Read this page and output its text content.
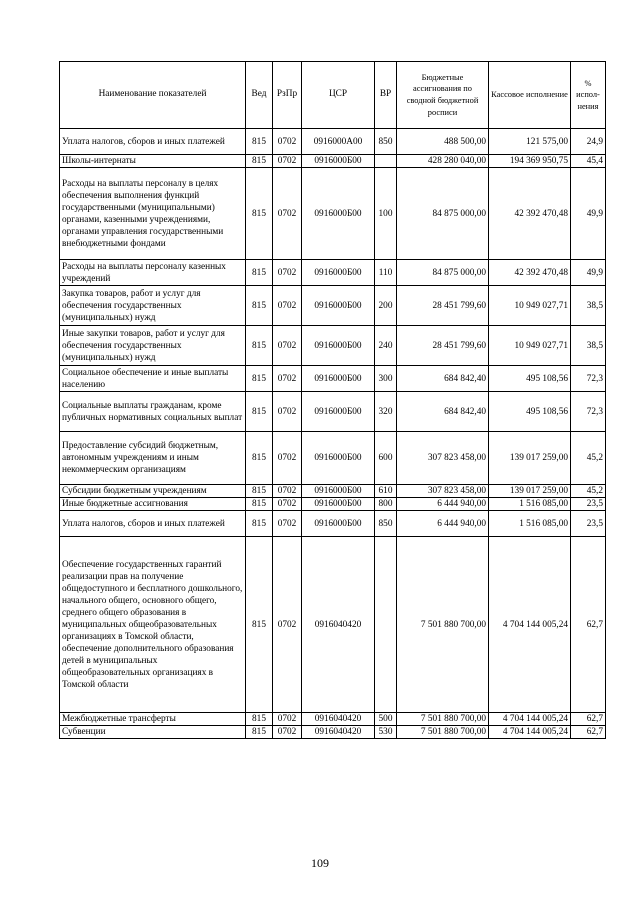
Наименование показателей	Вед	РзПр	ЦСР	ВР	Бюджетные ассигнования по сводной бюджетной росписи	Кассовое исполнение	% испол-нения
Уплата налогов, сборов и иных платежей	815	0702	0916000А00	850	488 500,00	121 575,00	24,9
Школы-интернаты	815	0702	0916000Б00		428 280 040,00	194 369 950,75	45,4
Расходы на выплаты персоналу в целях обеспечения выполнения функций государственными (муниципальными) органами, казенными учреждениями, органами управления государственными внебюджетными фондами	815	0702	0916000Б00	100	84 875 000,00	42 392 470,48	49,9
Расходы на выплаты персоналу казенных учреждений	815	0702	0916000Б00	110	84 875 000,00	42 392 470,48	49,9
Закупка товаров, работ и услуг для обеспечения государственных (муниципальных) нужд	815	0702	0916000Б00	200	28 451 799,60	10 949 027,71	38,5
Иные закупки товаров, работ и услуг для обеспечения государственных (муниципальных) нужд	815	0702	0916000Б00	240	28 451 799,60	10 949 027,71	38,5
Социальное обеспечение и иные выплаты населению	815	0702	0916000Б00	300	684 842,40	495 108,56	72,3
Социальные выплаты гражданам, кроме публичных нормативных социальных выплат	815	0702	0916000Б00	320	684 842,40	495 108,56	72,3
Предоставление субсидий бюджетным, автономным учреждениям и иным некоммерческим организациям	815	0702	0916000Б00	600	307 823 458,00	139 017 259,00	45,2
Субсидии бюджетным учреждениям	815	0702	0916000Б00	610	307 823 458,00	139 017 259,00	45,2
Иные бюджетные ассигнования	815	0702	0916000Б00	800	6 444 940,00	1 516 085,00	23,5
Уплата налогов, сборов и иных платежей	815	0702	0916000Б00	850	6 444 940,00	1 516 085,00	23,5
Обеспечение государственных гарантий реализации прав на получение общедоступного и бесплатного дошкольного, начального общего, основного общего, среднего общего образования в муниципальных общеобразовательных организациях в Томской области, обеспечение дополнительного образования детей в муниципальных общеобразовательных организациях в Томской области	815	0702	0916040420		7 501 880 700,00	4 704 144 005,24	62,7
Межбюджетные трансферты	815	0702	0916040420	500	7 501 880 700,00	4 704 144 005,24	62,7
Субвенции	815	0702	0916040420	530	7 501 880 700,00	4 704 144 005,24	62,7
109
